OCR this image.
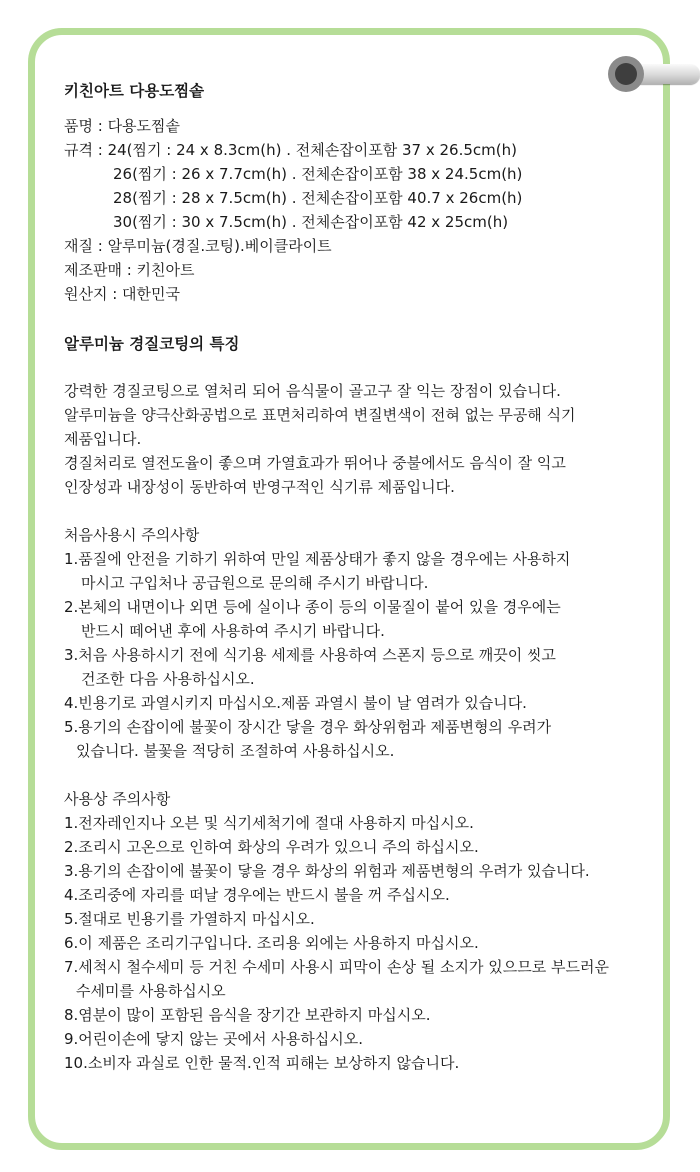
키친아트 다용도찜솥
품명 : 다용도찜솥
규격 : 24(찜기 : 24 x 8.3cm(h) . 전체손잡이포함 37 x 26.5cm(h)
26(찜기 : 26 x 7.7cm(h) . 전체손잡이포함 38 x 24.5cm(h)
28(찜기 : 28 x 7.5cm(h) . 전체손잡이포함 40.7 x 26cm(h)
30(찜기 : 30 x 7.5cm(h) . 전체손잡이포함 42 x 25cm(h)
재질 : 알루미늄(경질.코팅).베이클라이트
제조판매 : 키친아트
원산지 : 대한민국
알루미늄 경질코팅의 특징
강력한 경질코팅으로 열처리 되어 음식물이 골고구 잘 익는 장점이 있습니다.
알루미늄을 양극산화공법으로 표면처리하여 변질변색이 전혀 없는 무공해 식기
제품입니다.
경질처리로 열전도율이 좋으며 가열효과가 뛰어나 중불에서도 음식이 잘 익고
인장성과 내장성이 동반하여 반영구적인 식기류 제품입니다.
처음사용시 주의사항
1.품질에 안전을 기하기 위하여 만일 제품상태가 좋지 않을 경우에는 사용하지
마시고 구입처나 공급원으로 문의해 주시기 바랍니다.
2.본체의 내면이나 외면 등에 실이나 종이 등의 이물질이 붙어 있을 경우에는
반드시 떼어낸 후에 사용하여 주시기 바랍니다.
3.처음 사용하시기 전에 식기용 세제를 사용하여 스폰지 등으로 깨끗이 씻고
건조한 다음 사용하십시오.
4.빈용기로 과열시키지 마십시오.제품 과열시 불이 날 염려가 있습니다.
5.용기의 손잡이에 불꽃이 장시간 닿을 경우 화상위험과 제품변형의 우려가
있습니다. 불꽃을 적당히 조절하여 사용하십시오.
사용상 주의사항
1.전자레인지나 오븐 및 식기세척기에 절대 사용하지 마십시오.
2.조리시 고온으로 인하여 화상의 우려가 있으니 주의 하십시오.
3.용기의 손잡이에 불꽃이 닿을 경우 화상의 위험과 제품변형의 우려가 있습니다.
4.조리중에 자리를 떠날 경우에는 반드시 불을 꺼 주십시오.
5.절대로 빈용기를 가열하지 마십시오.
6.이 제품은 조리기구입니다. 조리용 외에는 사용하지 마십시오.
7.세척시 철수세미 등 거친 수세미 사용시 피막이 손상 될 소지가 있으므로 부드러운
수세미를 사용하십시오
8.염분이 많이 포함된 음식을 장기간 보관하지 마십시오.
9.어린이손에 닿지 않는 곳에서 사용하십시오.
10.소비자 과실로 인한 물적.인적 피해는 보상하지 않습니다.
